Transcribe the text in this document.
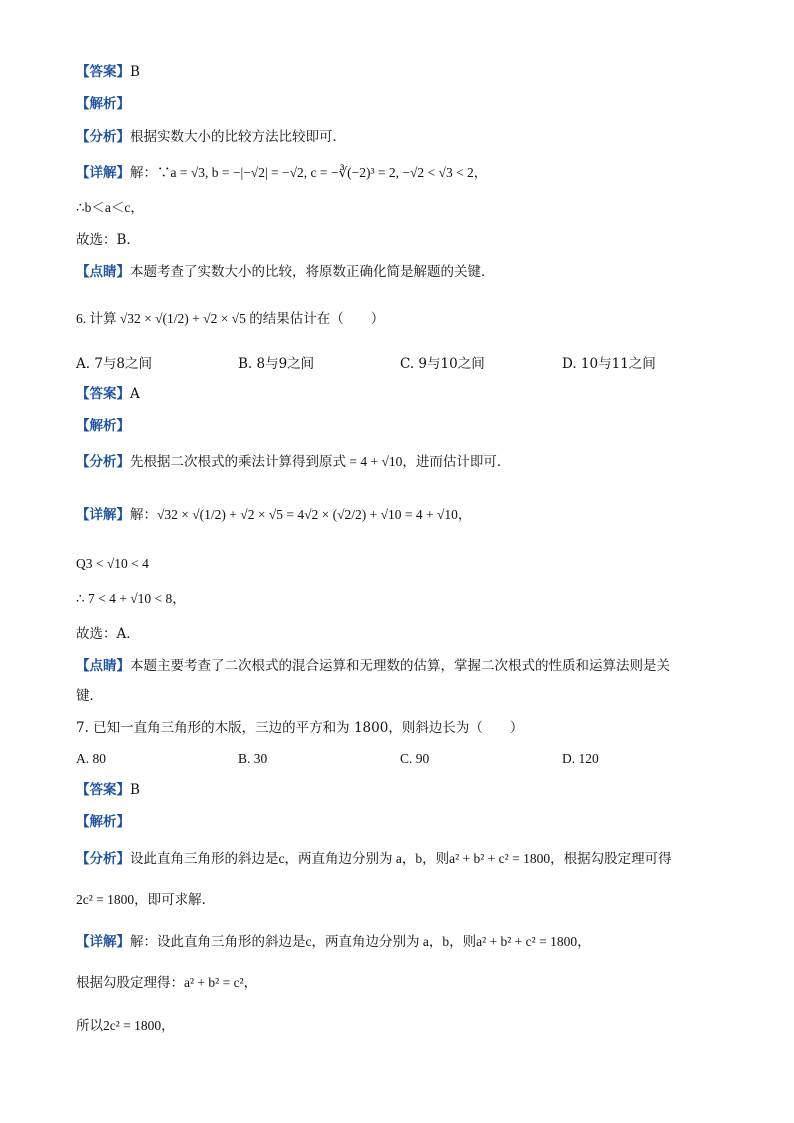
【答案】B
【解析】
【分析】根据实数大小的比较方法比较即可．
【详解】解：∵a = √3, b = −|−√2| = −√2, c = −∛(−2)³ = 2, −√2 < √3 < 2，
∴b＜a＜c，
故选：B．
【点睛】本题考查了实数大小的比较，将原数正确化简是解题的关键．
6. 计算 √32 × √(1/2) + √2 × √5 的结果估计在（　　）
A. 7与8之间	B. 8与9之间	C. 9与10之间	D. 10与11之间
【答案】A
【解析】
【分析】先根据二次根式的乘法计算得到原式 = 4 + √10，进而估计即可．
【详解】解：√32 × √(1/2) + √2 × √5 = 4√2 × (√2/2) + √10 = 4 + √10，
Q3 < √10 < 4
∴ 7 < 4 + √10 < 8，
故选：A．
【点睛】本题主要考查了二次根式的混合运算和无理数的估算，掌握二次根式的性质和运算法则是关
键．
7. 已知一直角三角形的木版，三边的平方和为 1800，则斜边长为（　　）
A. 80	B. 30	C. 90	D. 120
【答案】B
【解析】
【分析】设此直角三角形的斜边是c，两直角边分别为 a，b，则a² + b² + c² = 1800，根据勾股定理可得
2c² = 1800，即可求解．
【详解】解：设此直角三角形的斜边是c，两直角边分别为 a，b，则a² + b² + c² = 1800，
根据勾股定理得：a² + b² = c²，
所以2c² = 1800，
